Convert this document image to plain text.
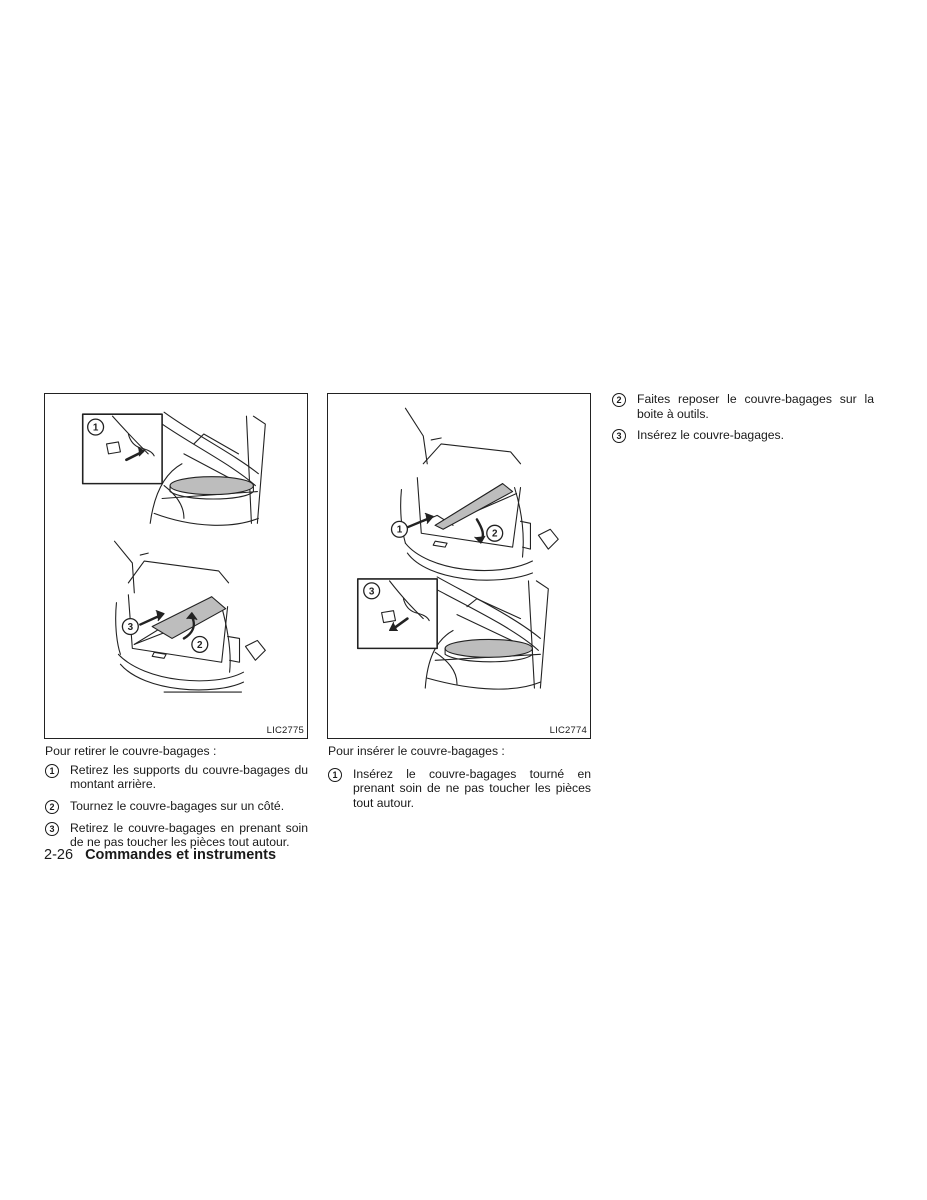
1
3
2
LIC2775
1	2
3
LIC2774

Pour retirer le couvre-bagages :

1	Retirez les supports du couvre-bagages du montant arrière.
2	Tournez le couvre-bagages sur un côté.
3	Retirez le couvre-bagages en prenant soin de ne pas toucher les pièces tout autour.

Pour insérer le couvre-bagages :

1	Insérez le couvre-bagages tourné en prenant soin de ne pas toucher les pièces tout autour.
2	Faites reposer le couvre-bagages sur la boite à outils.
3	Insérez le couvre-bagages.
2-26 Commandes et instruments
